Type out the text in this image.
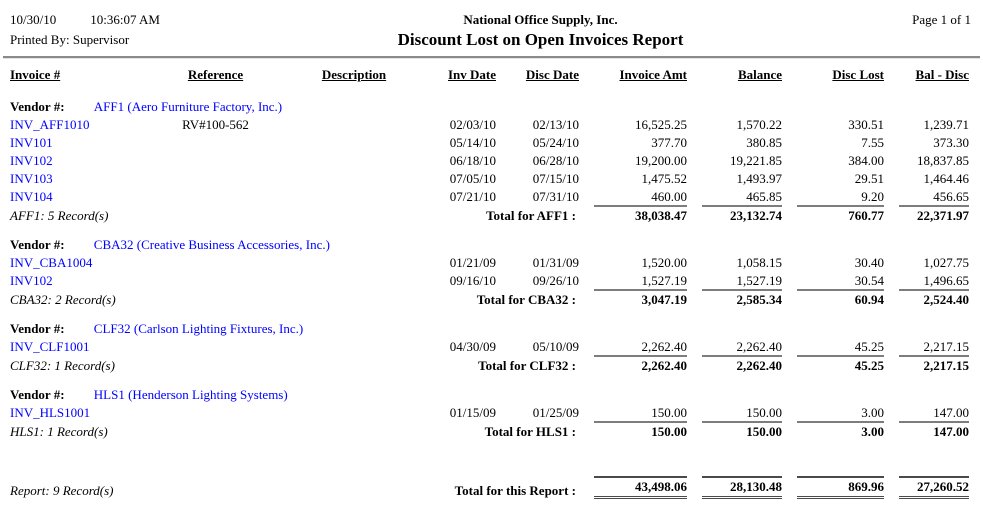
10/30/10	10:36:07 AM
Printed By: Supervisor
National Office Supply, Inc.
Discount Lost on Open Invoices Report
Page 1 of 1
Invoice #	Reference	Description	Inv Date	Disc Date	Invoice Amt	Balance	Disc Lost	Bal - Disc
Vendor #: AFF1 (Aero Furniture Factory, Inc.)								
INV_AFF1010	RV#100-562		02/03/10	02/13/10	16,525.25	1,570.22	330.51	1,239.71
INV101			05/14/10	05/24/10	377.70	380.85	7.55	373.30
INV102			06/18/10	06/28/10	19,200.00	19,221.85	384.00	18,837.85
INV103			07/05/10	07/15/10	1,475.52	1,493.97	29.51	1,464.46
INV104			07/21/10	07/31/10	460.00	465.85	9.20	456.65
AFF1: 5 Record(s)			Total for AFF1 :		38,038.47	23,132.74	760.77	22,371.97

Vendor #: CBA32 (Creative Business Accessories, Inc.)								
INV_CBA1004			01/21/09	01/31/09	1,520.00	1,058.15	30.40	1,027.75
INV102			09/16/10	09/26/10	1,527.19	1,527.19	30.54	1,496.65
CBA32: 2 Record(s)			Total for CBA32 :		3,047.19	2,585.34	60.94	2,524.40

Vendor #: CLF32 (Carlson Lighting Fixtures, Inc.)								
INV_CLF1001			04/30/09	05/10/09	2,262.40	2,262.40	45.25	2,217.15
CLF32: 1 Record(s)			Total for CLF32 :		2,262.40	2,262.40	45.25	2,217.15

Vendor #: HLS1 (Henderson Lighting Systems)								
INV_HLS1001			01/15/09	01/25/09	150.00	150.00	3.00	147.00
HLS1: 1 Record(s)			Total for HLS1 :		150.00	150.00	3.00	147.00

Report: 9 Record(s)			Total for this Report :		43,498.06	28,130.48	869.96	27,260.52
